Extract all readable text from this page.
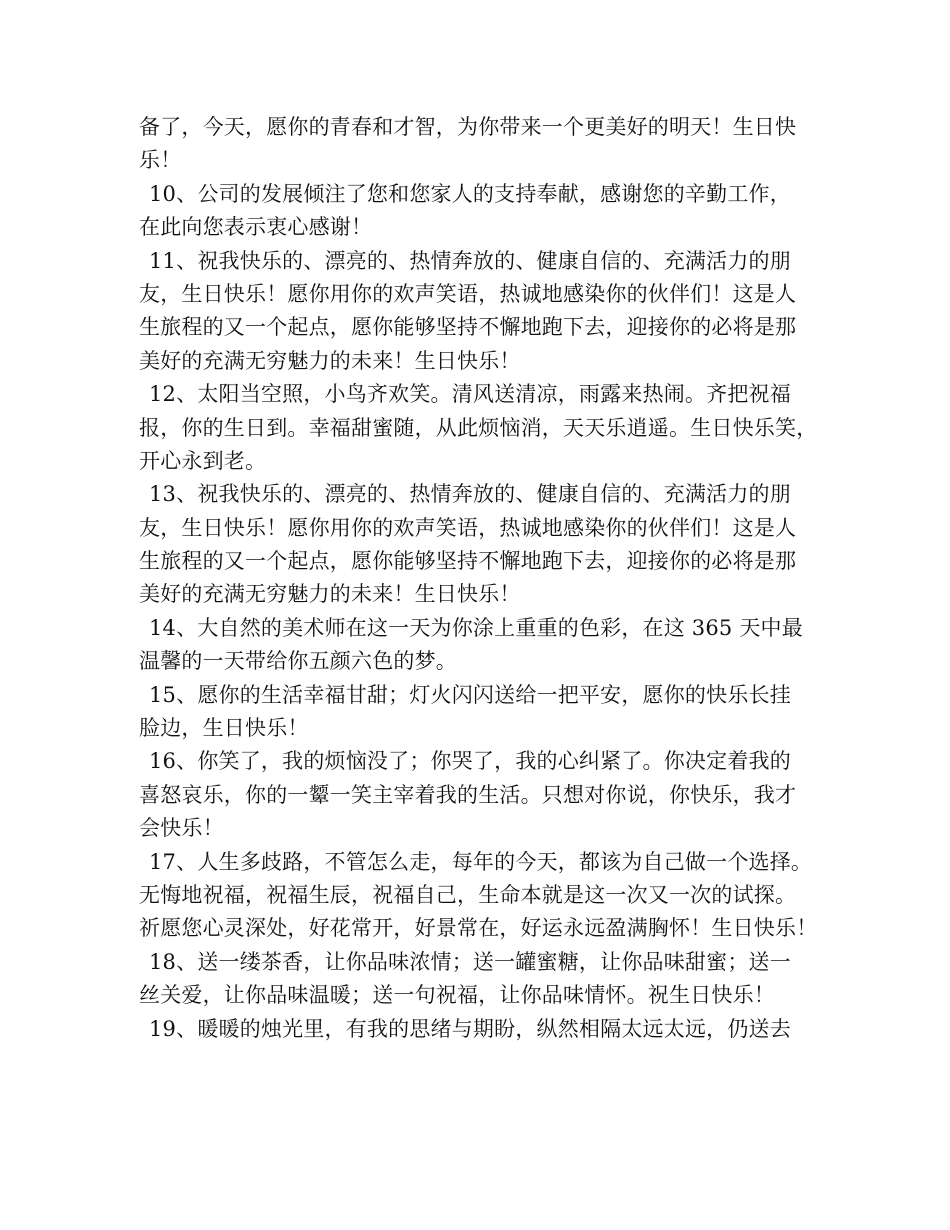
备了，今天，愿你的青春和才智，为你带来一个更美好的明天！生日快
乐！
10、公司的发展倾注了您和您家人的支持奉献，感谢您的辛勤工作，
在此向您表示衷心感谢！
11、祝我快乐的、漂亮的、热情奔放的、健康自信的、充满活力的朋
友，生日快乐！愿你用你的欢声笑语，热诚地感染你的伙伴们！这是人
生旅程的又一个起点，愿你能够坚持不懈地跑下去，迎接你的必将是那
美好的充满无穷魅力的未来！生日快乐！
12、太阳当空照，小鸟齐欢笑。清风送清凉，雨露来热闹。齐把祝福
报，你的生日到。幸福甜蜜随，从此烦恼消，天天乐逍遥。生日快乐笑，
开心永到老。
13、祝我快乐的、漂亮的、热情奔放的、健康自信的、充满活力的朋
友，生日快乐！愿你用你的欢声笑语，热诚地感染你的伙伴们！这是人
生旅程的又一个起点，愿你能够坚持不懈地跑下去，迎接你的必将是那
美好的充满无穷魅力的未来！生日快乐！
14、大自然的美术师在这一天为你涂上重重的色彩，在这 365 天中最
温馨的一天带给你五颜六色的梦。
15、愿你的生活幸福甘甜；灯火闪闪送给一把平安，愿你的快乐长挂
脸边，生日快乐！
16、你笑了，我的烦恼没了；你哭了，我的心纠紧了。你决定着我的
喜怒哀乐，你的一颦一笑主宰着我的生活。只想对你说，你快乐，我才
会快乐！
17、人生多歧路，不管怎么走，每年的今天，都该为自己做一个选择。
无悔地祝福，祝福生辰，祝福自己，生命本就是这一次又一次的试探。
祈愿您心灵深处，好花常开，好景常在，好运永远盈满胸怀！生日快乐！
18、送一缕茶香，让你品味浓情；送一罐蜜糖，让你品味甜蜜；送一
丝关爱，让你品味温暖；送一句祝福，让你品味情怀。祝生日快乐！
19、暖暖的烛光里，有我的思绪与期盼，纵然相隔太远太远，仍送去
